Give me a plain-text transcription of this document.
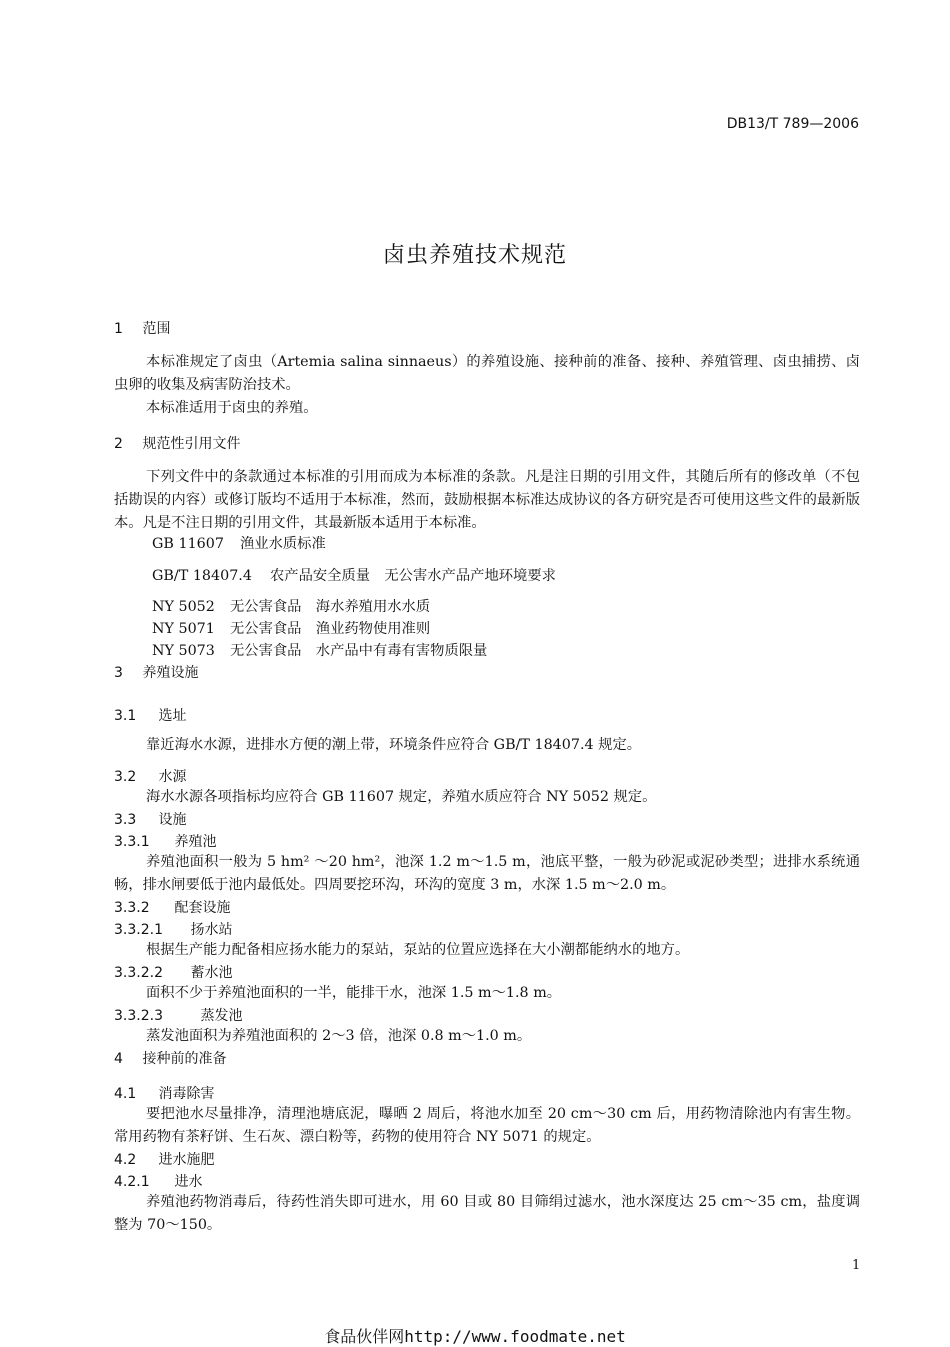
DB13/T 789—2006
卤虫养殖技术规范
1 范围
本标准规定了卤虫（Artemia salina sinnaeus）的养殖设施、接种前的准备、接种、养殖管理、卤虫捕捞、卤虫卵的收集及病害防治技术。
本标准适用于卤虫的养殖。
2 规范性引用文件
下列文件中的条款通过本标准的引用而成为本标准的条款。凡是注日期的引用文件，其随后所有的修改单（不包括勘误的内容）或修订版均不适用于本标准，然而，鼓励根据本标准达成协议的各方研究是否可使用这些文件的最新版本。凡是不注日期的引用文件，其最新版本适用于本标准。
GB 11607 渔业水质标准
GB/T 18407.4 农产品安全质量　无公害水产品产地环境要求
NY 5052 无公害食品　海水养殖用水水质
NY 5071 无公害食品　渔业药物使用准则
NY 5073 无公害食品　水产品中有毒有害物质限量
3 养殖设施
3.1 选址
靠近海水水源，进排水方便的潮上带，环境条件应符合 GB/T 18407.4 规定。
3.2 水源
海水水源各项指标均应符合 GB 11607 规定，养殖水质应符合 NY 5052 规定。
3.3 设施
3.3.1 养殖池
养殖池面积一般为 5 hm² ～20 hm²，池深 1.2 m～1.5 m，池底平整，一般为砂泥或泥砂类型；进排水系统通畅，排水闸要低于池内最低处。四周要挖环沟，环沟的宽度 3 m，水深 1.5 m～2.0 m。
3.3.2 配套设施
3.3.2.1 扬水站
根据生产能力配备相应扬水能力的泵站，泵站的位置应选择在大小潮都能纳水的地方。
3.3.2.2 蓄水池
面积不少于养殖池面积的一半，能排干水，池深 1.5 m～1.8 m。
3.3.2.3	蒸发池
蒸发池面积为养殖池面积的 2～3 倍，池深 0.8 m～1.0 m。
4 接种前的准备
4.1 消毒除害
要把池水尽量排净，清理池塘底泥，曝晒 2 周后，将池水加至 20 cm～30 cm 后，用药物清除池内有害生物。常用药物有茶籽饼、生石灰、漂白粉等，药物的使用符合 NY 5071 的规定。
4.2 进水施肥
4.2.1 进水
养殖池药物消毒后，待药性消失即可进水，用 60 目或 80 目筛绢过滤水，池水深度达 25 cm～35 cm，盐度调整为 70～150。
1
食品伙伴网http://www.foodmate.net
